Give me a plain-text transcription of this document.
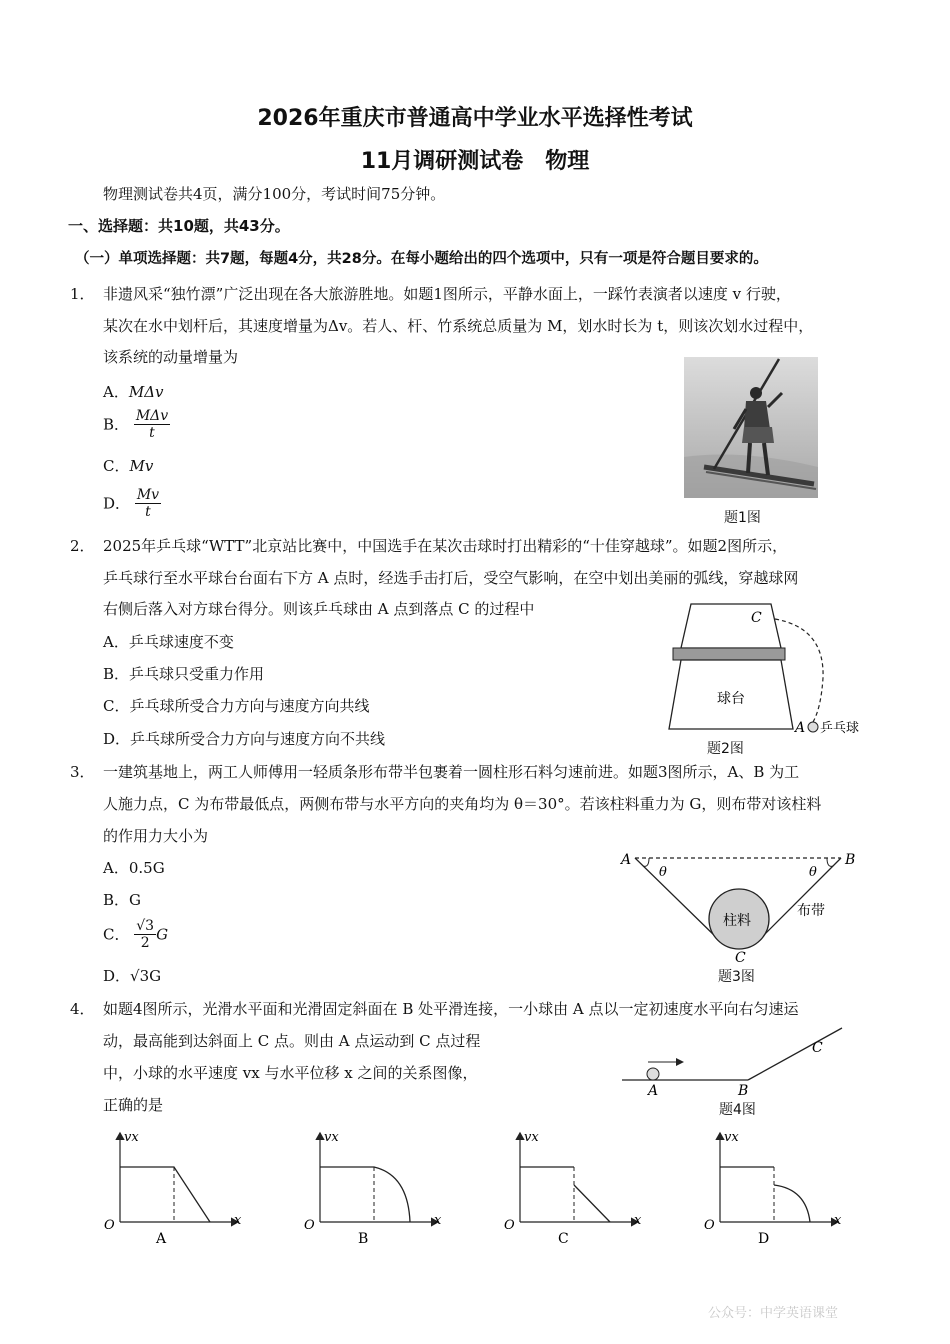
2026年重庆市普通高中学业水平选择性考试
11月调研测试卷　物理
物理测试卷共4页，满分100分，考试时间75分钟。
一、选择题：共10题，共43分。
（一）单项选择题：共7题，每题4分，共28分。在每小题给出的四个选项中，只有一项是符合题目要求的。
1． 非遗风采“独竹漂”广泛出现在各大旅游胜地。如题1图所示，平静水面上，一踩竹表演者以速度 v 行驶，
某次在水中划杆后，其速度增量为Δv。若人、杆、竹系统总质量为 M，划水时长为 t，则该次划水过程中，
该系统的动量增量为
A．MΔv
B． $\frac{\text{MΔv}}{t}$
C．Mv
D． $\frac{Mv}{t}$	题1图
2． 2025年乒乓球“WTT”北京站比赛中，中国选手在某次击球时打出精彩的“十佳穿越球”。如题2图所示，
乒乓球行至水平球台台面右下方 A 点时，经选手击打后，受空气影响，在空中划出美丽的弧线，穿越球网
右侧后落入对方球台得分。则该乒乓球由 A 点到落点 C 的过程中
A．乒乓球速度不变
B．乒乓球只受重力作用
C．乒乓球所受合力方向与速度方向共线
D．乒乓球所受合力方向与速度方向不共线
球台
C
A 乒乓球
题2图
3． 一建筑基地上，两工人师傅用一轻质条形布带半包裹着一圆柱形石料匀速前进。如题3图所示，A、B 为工
人施力点，C 为布带最低点，两侧布带与水平方向的夹角均为 θ＝30°。若该柱料重力为 G，则布带对该柱料
的作用力大小为
A．0.5G
B．G
C． $\frac{√3}{2}$ G
D．√3G
柱料
布带
A	B
C
θ	θ
题3图
4． 如题4图所示，光滑水平面和光滑固定斜面在 B 处平滑连接，一小球由 A 点以一定初速度水平向右匀速运
动，最高能到达斜面上 C 点。则由 A 点运动到 C 点过程
中，小球的水平速度 vx 与水平位移 x 之间的关系图像，
正确的是
A	B
C
题4图
vx
x
O
A
vx
x
O
B
vx
x
O
C
vx
x
O
D
公众号：中学英语课堂
